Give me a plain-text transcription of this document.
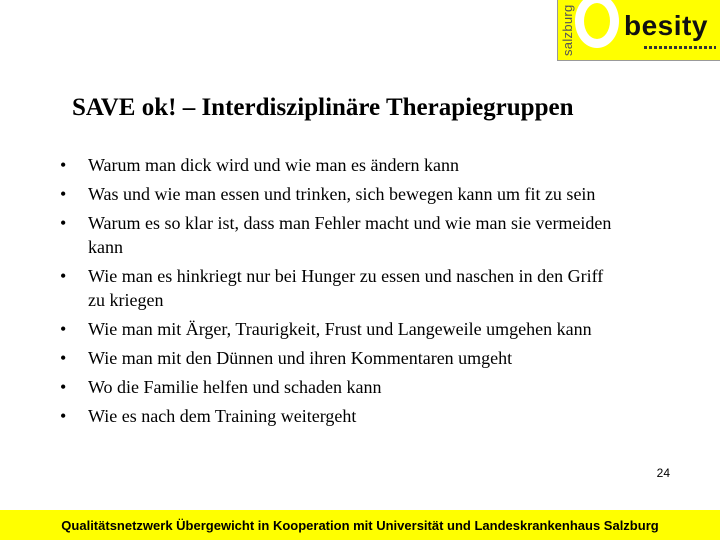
salzburg besity
SAVE ok! – Interdisziplinäre Therapiegruppen
• Warum man dick wird und wie man es ändern kann
• Was und wie man essen und trinken, sich bewegen kann um fit zu sein
• Warum es so klar ist, dass man Fehler macht und wie man sie vermeiden kann
• Wie man es hinkriegt nur bei Hunger zu essen und naschen in den Griff zu kriegen
• Wie man mit Ärger, Traurigkeit, Frust und Langeweile umgehen kann
• Wie man mit den Dünnen und ihren Kommentaren umgeht
• Wo die Familie helfen und schaden kann
• Wie es nach dem Training weitergeht
24
Qualitätsnetzwerk Übergewicht in Kooperation mit Universität und Landeskrankenhaus Salzburg
